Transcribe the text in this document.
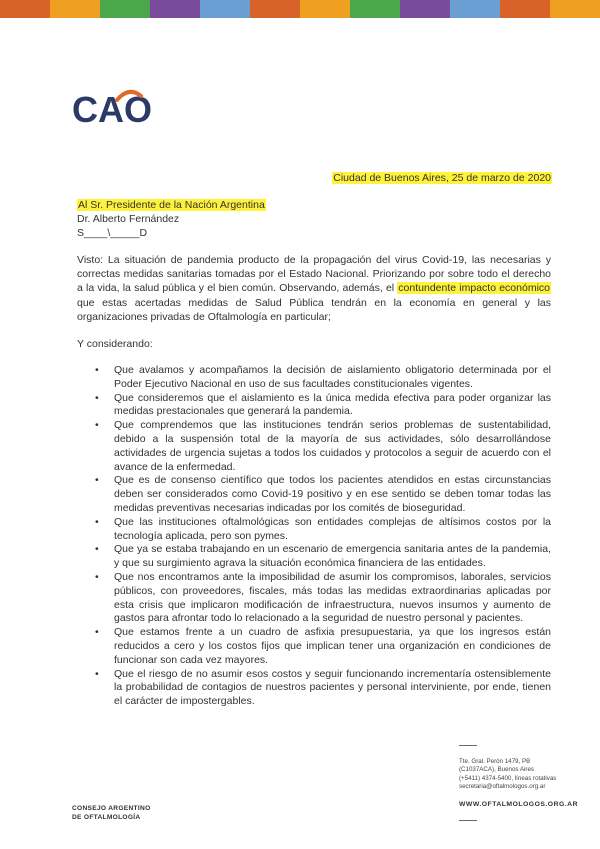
CAO
Ciudad de Buenos Aires, 25 de marzo de 2020
Al Sr. Presidente de la Nación Argentina
Dr. Alberto Fernández
S____\_____D
Visto: La situación de pandemia producto de la propagación del virus Covid-19, las necesarias y correctas medidas sanitarias tomadas por el Estado Nacional. Priorizando por sobre todo el derecho a la vida, la salud pública y el bien común. Observando, además, el contundente impacto económico que estas acertadas medidas de Salud Pública tendrán en la economía en general y las organizaciones privadas de Oftalmología en particular;
Y considerando:
• Que avalamos y acompañamos la decisión de aislamiento obligatorio determinada por el Poder Ejecutivo Nacional en uso de sus facultades constitucionales vigentes.
• Que consideremos que el aislamiento es la única medida efectiva para poder organizar las medidas prestacionales que generará la pandemia.
• Que comprendemos que las instituciones tendrán serios problemas de sustentabilidad, debido a la suspensión total de la mayoría de sus actividades, sólo desarrollándose actividades de urgencia sujetas a todos los cuidados y protocolos a seguir de acuerdo con el avance de la enfermedad.
• Que es de consenso científico que todos los pacientes atendidos en estas circunstancias deben ser considerados como Covid-19 positivo y en ese sentido se deben tomar todas las medidas preventivas necesarias indicadas por los comités de bioseguridad.
• Que las instituciones oftalmológicas son entidades complejas de altísimos costos por la tecnología aplicada, pero son pymes.
• Que ya se estaba trabajando en un escenario de emergencia sanitaria antes de la pandemia, y que su surgimiento agrava la situación económica financiera de las entidades.
• Que nos encontramos ante la imposibilidad de asumir los compromisos, laborales, servicios públicos, con proveedores, fiscales, más todas las medidas extraordinarias aplicadas por esta crisis que implicaron modificación de infraestructura, nuevos insumos y aumento de gastos para afrontar todo lo relacionado a la seguridad de nuestro personal y pacientes.
• Que estamos frente a un cuadro de asfixia presupuestaria, ya que los ingresos están reducidos a cero y los costos fijos que implican tener una organización en condiciones de funcionar son cada vez mayores.
• Que el riesgo de no asumir esos costos y seguir funcionando incrementaría ostensiblemente la probabilidad de contagios de nuestros pacientes y personal interviniente, por ende, tienen el carácter de impostergables.
Tte. Gral. Perón 1479, PB
(C1037ACA), Buenos Aires
(+5411) 4374-5400, líneas rotativas
secretaria@oftalmologos.org.ar
WWW.OFTALMOLOGOS.ORG.AR
CONSEJO ARGENTINO
DE OFTALMOLOGÍA
